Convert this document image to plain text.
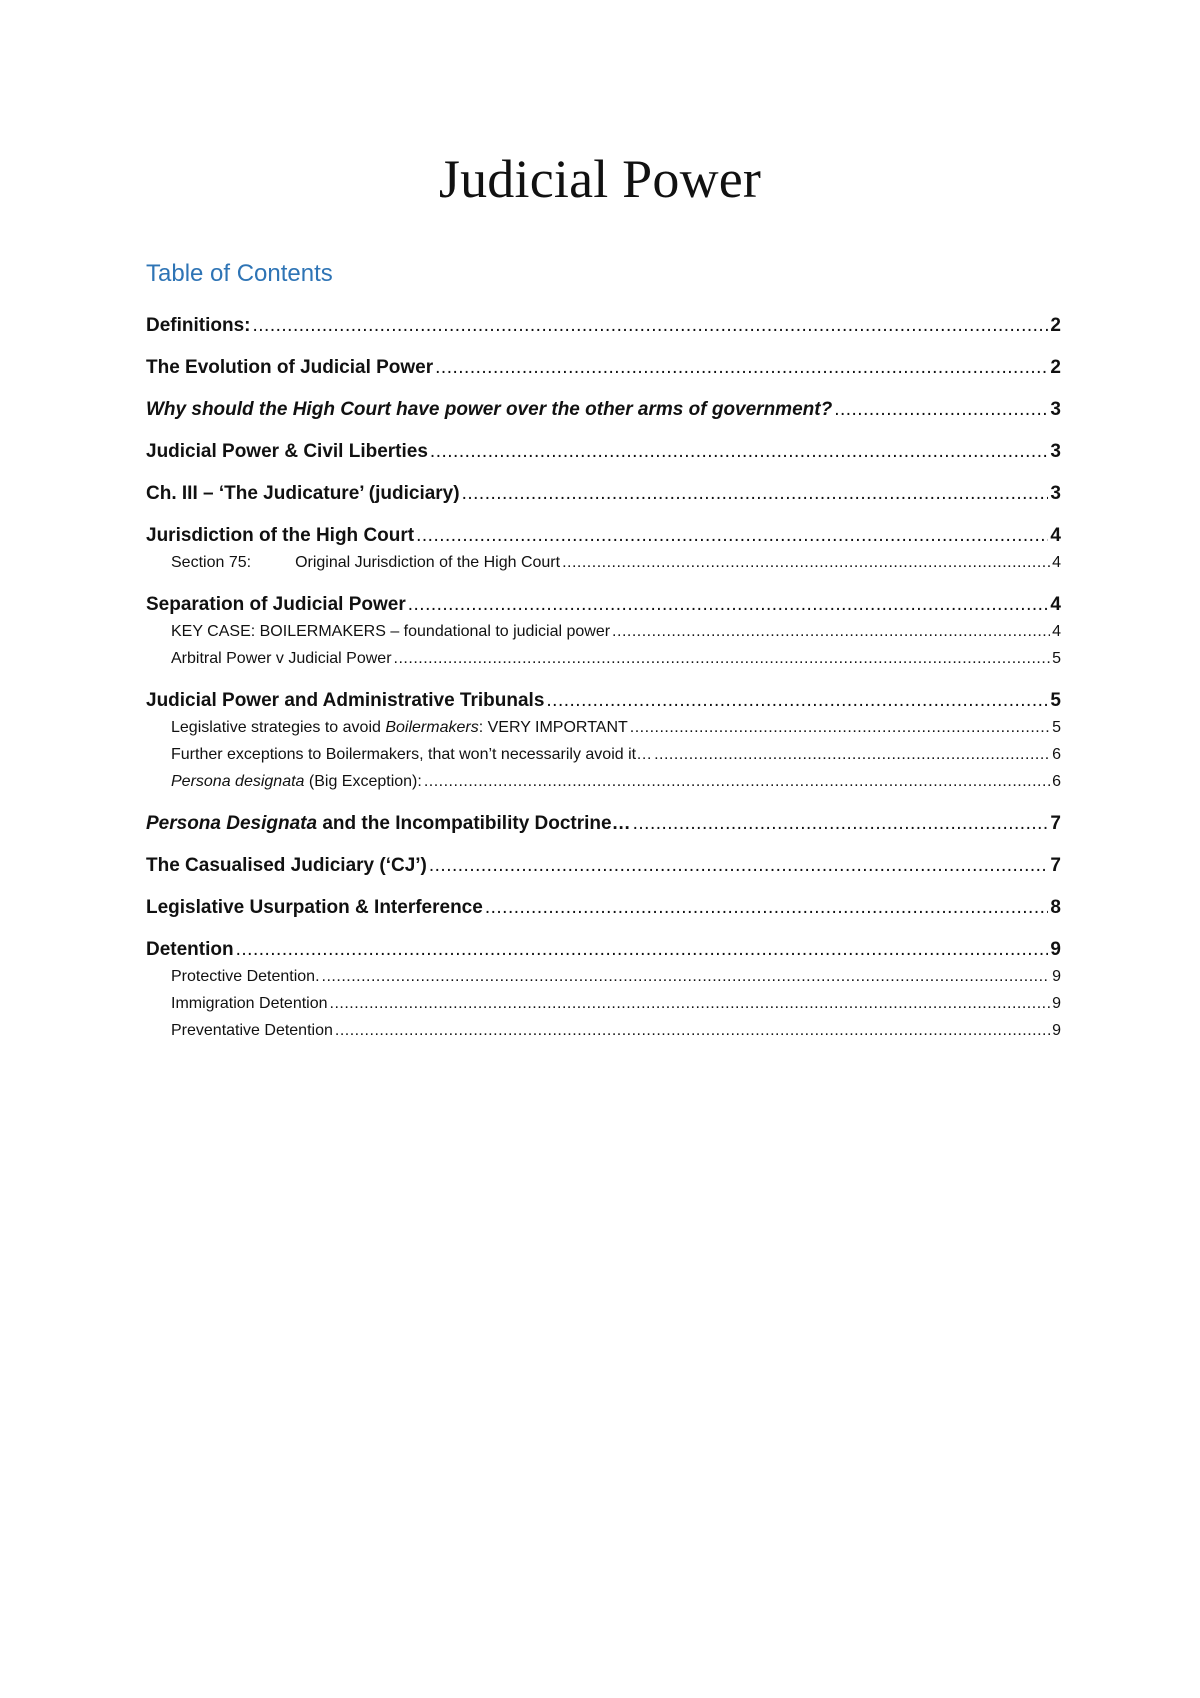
Judicial Power
Table of Contents
Definitions: .....	2
The Evolution of Judicial Power .....	2
Why should the High Court have power over the other arms of government? .....	3
Judicial Power & Civil Liberties .....	3
Ch. III – ‘The Judicature’ (judiciary) .....	3
Jurisdiction of the High Court .....	4
Section 75:	Original Jurisdiction of the High Court .....	4
Separation of Judicial Power .....	4
KEY CASE: BOILERMAKERS – foundational to judicial power .....	4
Arbitral Power v Judicial Power .....	5
Judicial Power and Administrative Tribunals .....	5
Legislative strategies to avoid Boilermakers: VERY IMPORTANT .....	5
Further exceptions to Boilermakers, that won’t necessarily avoid it… .....	6
Persona designata (Big Exception): .....	6
Persona Designata and the Incompatibility Doctrine… .....	7
The Casualised Judiciary (‘CJ’) .....	7
Legislative Usurpation & Interference .....	8
Detention .....	9
Protective Detention. .....	9
Immigration Detention .....	9
Preventative Detention .....	9
